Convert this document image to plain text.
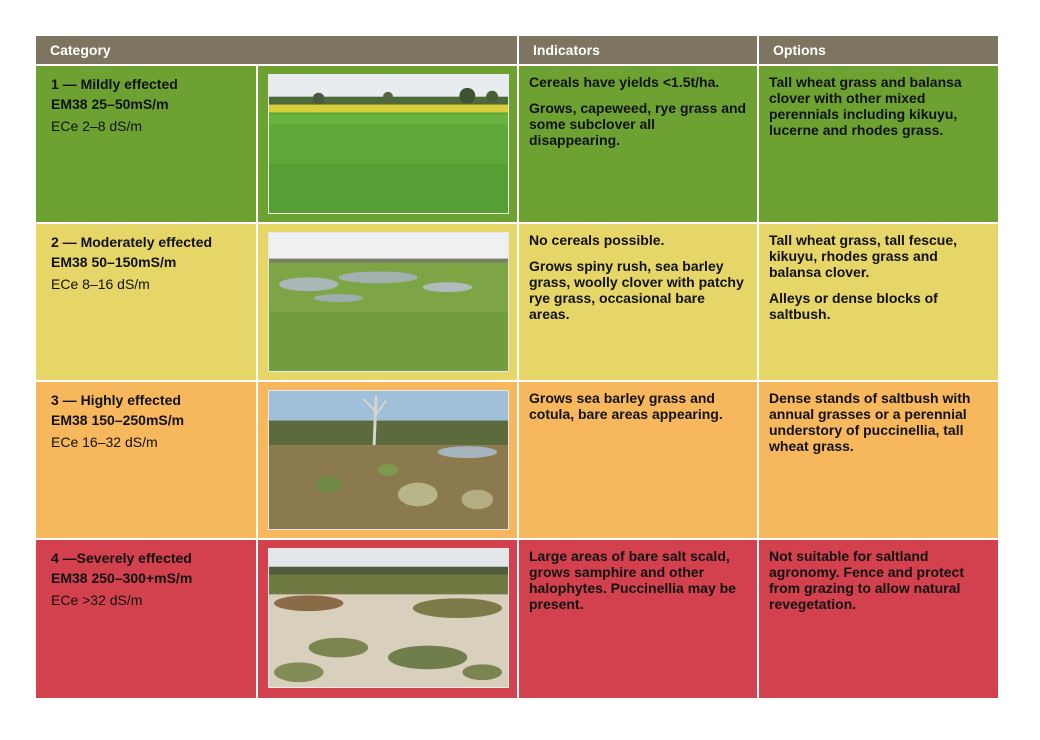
Category	Indicators	Options
1 — Mildly effected
EM38 25–50mS/m
ECe 2–8 dS/m

Cereals have yields <1.5t/ha.

Grows, capeweed, rye grass and some subclover all disappearing.

Tall wheat grass and balansa clover with other mixed perennials including kikuyu, lucerne and rhodes grass.

2 — Moderately effected
EM38 50–150mS/m
ECe 8–16 dS/m

No cereals possible.

Grows spiny rush, sea barley grass, woolly clover with patchy rye grass, occasional bare areas.

Tall wheat grass, tall fescue, kikuyu, rhodes grass and balansa clover.

Alleys or dense blocks of saltbush.

3 — Highly effected
EM38 150–250mS/m
ECe 16–32 dS/m

Grows sea barley grass and cotula, bare areas appearing.

Dense stands of saltbush with annual grasses or a perennial understory of puccinellia, tall wheat grass.

4 —Severely effected
EM38 250–300+mS/m
ECe >32 dS/m

Large areas of bare salt scald, grows samphire and other halophytes. Puccinellia may be present.

Not suitable for saltland agronomy. Fence and protect from grazing to allow natural revegetation.
